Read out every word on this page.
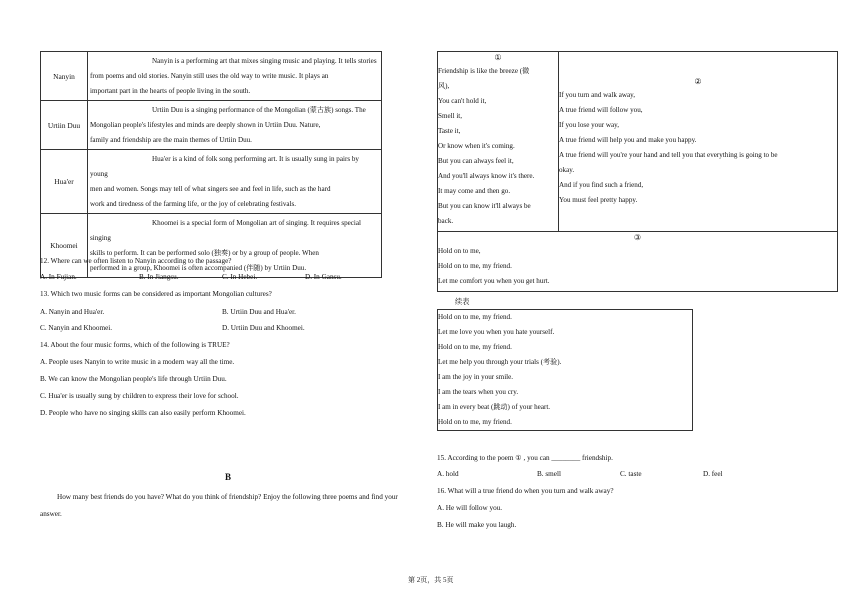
Nanyin	Nanyin is a performing art that mixes singing music and playing. It tells stories
from poems and old stories. Nanyin still uses the old way to write music. It plays an
important part in the hearts of people living in the south.
Urtiin Duu	Urtiin Duu is a singing performance of the Mongolian (蒙古族) songs. The
Mongolian people's lifestyles and minds are deeply shown in Urtiin Duu. Nature,
family and friendship are the main themes of Urtiin Duu.
Hua'er	Hua'er is a kind of folk song performing art. It is usually sung in pairs by young
men and women. Songs may tell of what singers see and feel in life, such as the hard
work and tiredness of the farming life, or the joy of celebrating festivals.
Khoomei	Khoomei is a special form of Mongolian art of singing. It requires special singing
skills to perform. It can be performed solo (独奏) or by a group of people. When
performed in a group, Khoomei is often accompanied (伴随) by Urtiin Duu.
12. Where can we often listen to Nanyin according to the passage?
A. In Fujian.	B. In Jiangsu.	C. In Hebei.	D. In Gansu.
13. Which two music forms can be considered as important Mongolian cultures?
A. Nanyin and Hua'er.	B. Urtiin Duu and Hua'er.
C. Nanyin and Khoomei.	D. Urtiin Duu and Khoomei.
14. About the four music forms, which of the following is TRUE?
A. People uses Nanyin to write music in a modern way all the time.
B. We can know the Mongolian people's life through Urtiin Duu.
C. Hua'er is usually sung by children to express their love for school.
D. People who have no singing skills can also easily perform Khoomei.
B
How many best friends do you have? What do you think of friendship? Enjoy the following three poems and find your
answer.
①
Friendship is like the breeze (微
风),
You can't hold it,
Smell it,
Taste it,
Or know when it's coming.
But you can always feel it,
And you'll always know it's there.
It may come and then go.
But you can know it'll always be
back.
②
If you turn and walk away,
A true friend will follow you,
If you lose your way,
A true friend will help you and make you happy.
A true friend will you're your hand and tell you that everything is going to be
okay.
And if you find such a friend,
You must feel pretty happy.
③
Hold on to me,
Hold on to me, my friend.
Let me comfort you when you get hurt.
续表
Hold on to me, my friend.
Let me love you when you hate yourself.
Hold on to me, my friend.
Let me help you through your trials (考验).
I am the joy in your smile.
I am the tears when you cry.
I am in every beat (跳动) of your heart.
Hold on to me, my friend.
15. According to the poem ① , you can ________ friendship.
A. hold	B. smell	C. taste	D. feel
16. What will a true friend do when you turn and walk away?
A. He will follow you.
B. He will make you laugh.
第 2页，共 5页
